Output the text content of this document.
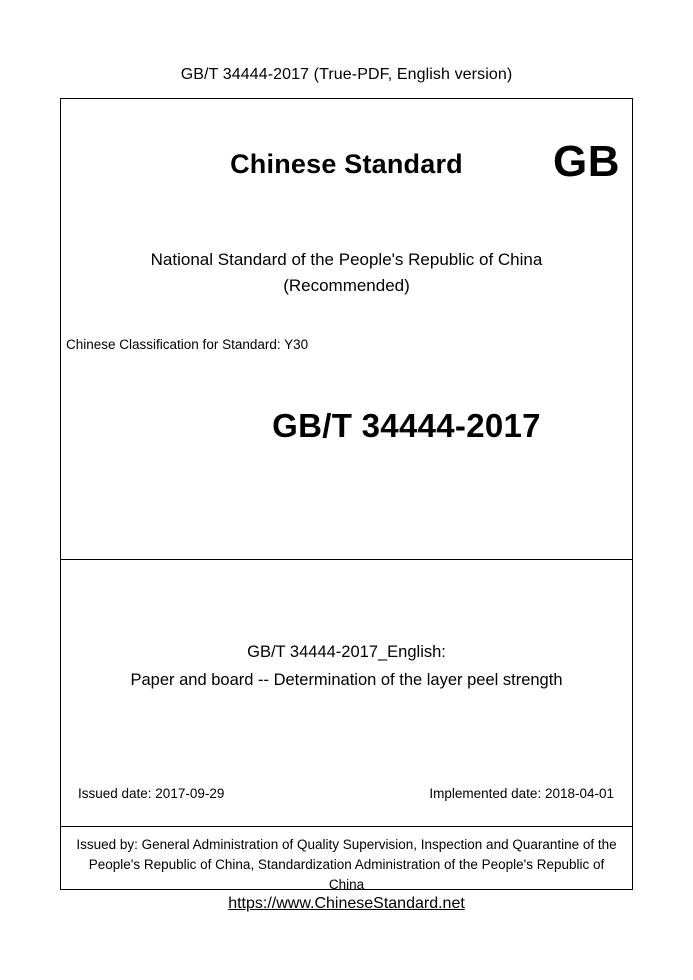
GB/T 34444-2017 (True-PDF, English version)
Chinese Standard	GB
National Standard of the People's Republic of China
(Recommended)
Chinese Classification for Standard: Y30
GB/T 34444-2017
GB/T 34444-2017_English:
Paper and board -- Determination of the layer peel strength
Issued date: 2017-09-29	Implemented date: 2018-04-01
Issued by: General Administration of Quality Supervision, Inspection and Quarantine of the People's Republic of China, Standardization Administration of the People's Republic of China
https://www.ChineseStandard.net
